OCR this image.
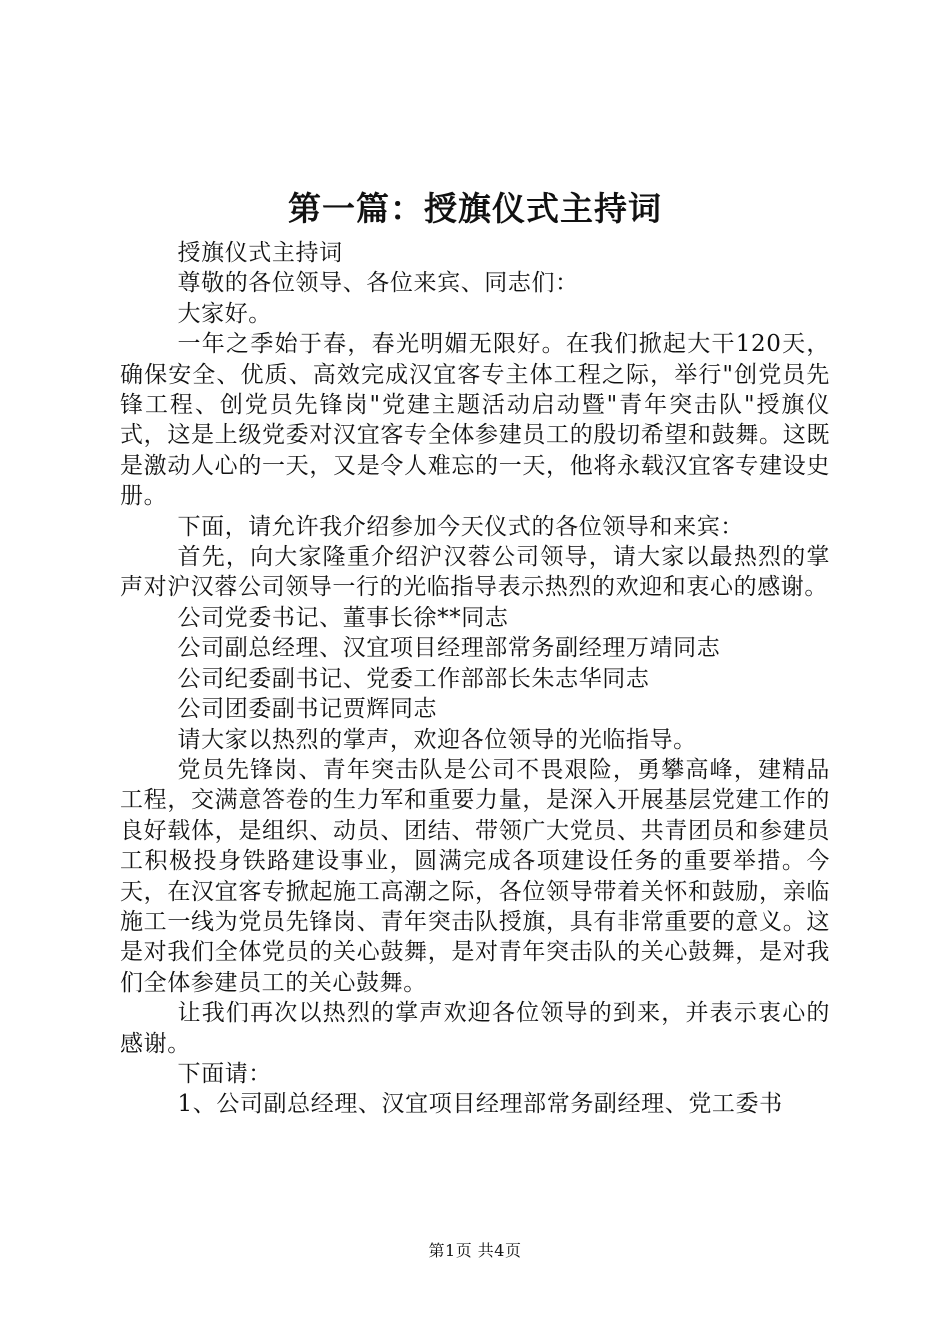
第一篇：授旗仪式主持词

授旗仪式主持词

尊敬的各位领导、各位来宾、同志们：

大家好。

一年之季始于春，春光明媚无限好。在我们掀起大干120天，确保安全、优质、高效完成汉宜客专主体工程之际，举行"创党员先锋工程、创党员先锋岗"党建主题活动启动暨"青年突击队"授旗仪式，这是上级党委对汉宜客专全体参建员工的殷切希望和鼓舞。这既是激动人心的一天，又是令人难忘的一天，他将永载汉宜客专建设史册。

下面，请允许我介绍参加今天仪式的各位领导和来宾：

首先，向大家隆重介绍沪汉蓉公司领导，请大家以最热烈的掌声对沪汉蓉公司领导一行的光临指导表示热烈的欢迎和衷心的感谢。

公司党委书记、董事长徐**同志

公司副总经理、汉宜项目经理部常务副经理万靖同志

公司纪委副书记、党委工作部部长朱志华同志

公司团委副书记贾辉同志

请大家以热烈的掌声，欢迎各位领导的光临指导。

党员先锋岗、青年突击队是公司不畏艰险，勇攀高峰，建精品工程，交满意答卷的生力军和重要力量，是深入开展基层党建工作的良好载体，是组织、动员、团结、带领广大党员、共青团员和参建员工积极投身铁路建设事业，圆满完成各项建设任务的重要举措。今天，在汉宜客专掀起施工高潮之际，各位领导带着关怀和鼓励，亲临施工一线为党员先锋岗、青年突击队授旗，具有非常重要的意义。这是对我们全体党员的关心鼓舞，是对青年突击队的关心鼓舞，是对我们全体参建员工的关心鼓舞。

让我们再次以热烈的掌声欢迎各位领导的到来，并表示衷心的感谢。

下面请：

1、公司副总经理、汉宜项目经理部常务副经理、党工委书

第1页 共4页
